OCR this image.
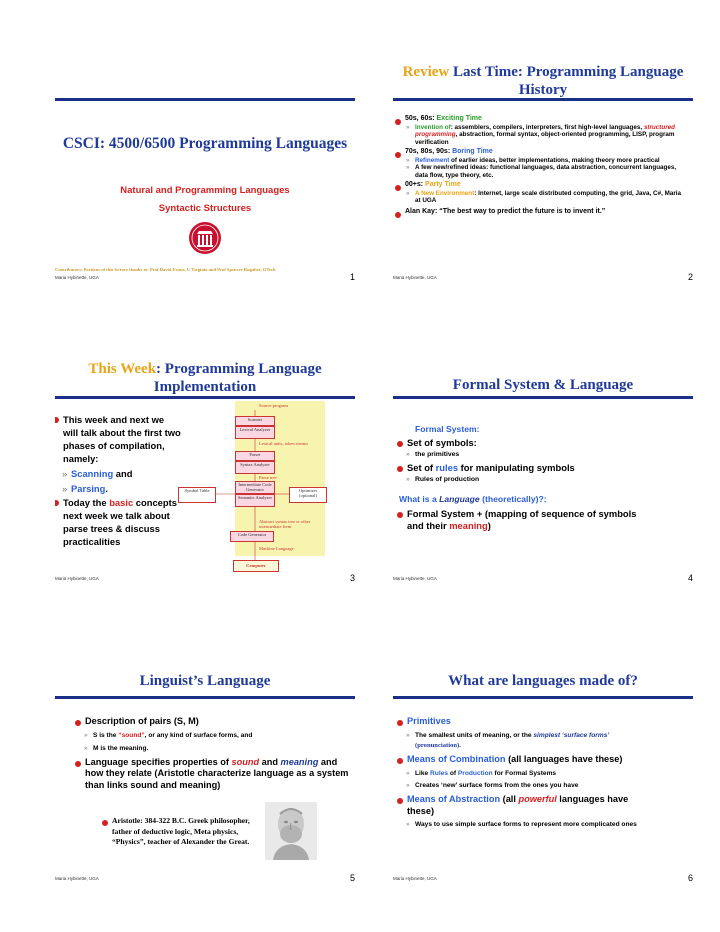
CSCI: 4500/6500 Programming Languages
Natural and Programming Languages
Syntactic Structures
Contributors: Portions of this lecture thanks to: Prof David Evans, U Virginia and Prof Spencer Rugaber, GTech
Maria Hybinette, UGA	1
Review Last Time: Programming Language History
50s, 60s: Exciting Time
» Invention of: assemblers, compilers, interpreters, first high-level languages, structured programming, abstraction, formal syntax, object-oriented programming, LISP, program verification
70s, 80s, 90s: Boring Time
» Refinement of earlier ideas, better implementations, making theory more practical
» A few new/refined ideas: functional languages, data abstraction, concurrent languages, data flow, type theory, etc.
00+s: Party Time
» A New Environment: Internet, large scale distributed computing, the grid, Java, C#, Maria at UGA
Alan Kay: “The best way to predict the future is to invent it.”
Maria Hybinette, UGA	2
This Week: Programming Language Implementation
This week and next we will talk about the first two phases of compilation, namely:
» Scanning and
» Parsing.
Today the basic concepts next week we talk about parse trees & discuss practicalities
Source program
Scanner
Lexical Analyzer
Lexical units, token stream
Parser
Syntax Analyzer
Parse tree
Symbol Table
Intermediate Code Generator
Semantic Analyzer
Optimizer (optional)
Abstract syntax tree or other intermediate form
Code Generator
Machine Language
Computer
Maria Hybinette, UGA	3
Formal System & Language
Formal System:
Set of symbols:
» the primitives
Set of rules for manipulating symbols
» Rules of production
What is a Language (theoretically)?:
Formal System + (mapping of sequence of symbols and their meaning)
Maria Hybinette, UGA	4
Linguist’s Language
Description of pairs (S, M)
» S is the “sound”, or any kind of surface forms, and
» M is the meaning.
Language specifies properties of sound and meaning and how they relate (Aristotle characterize language as a system than links sound and meaning)
Aristotle: 384-322 B.C. Greek philosopher, father of deductive logic, Meta physics, “Physics”, teacher of Alexander the Great.
Maria Hybinette, UGA	5
What are languages made of?
Primitives
» The smallest units of meaning, or the simplest ‘surface forms’ (pronunciation).
Means of Combination (all languages have these)
» Like Rules of Production for Formal Systems
» Creates ‘new’ surface forms from the ones you have
Means of Abstraction (all powerful languages have these)
» Ways to use simple surface forms to represent more complicated ones
Maria Hybinette, UGA	6
